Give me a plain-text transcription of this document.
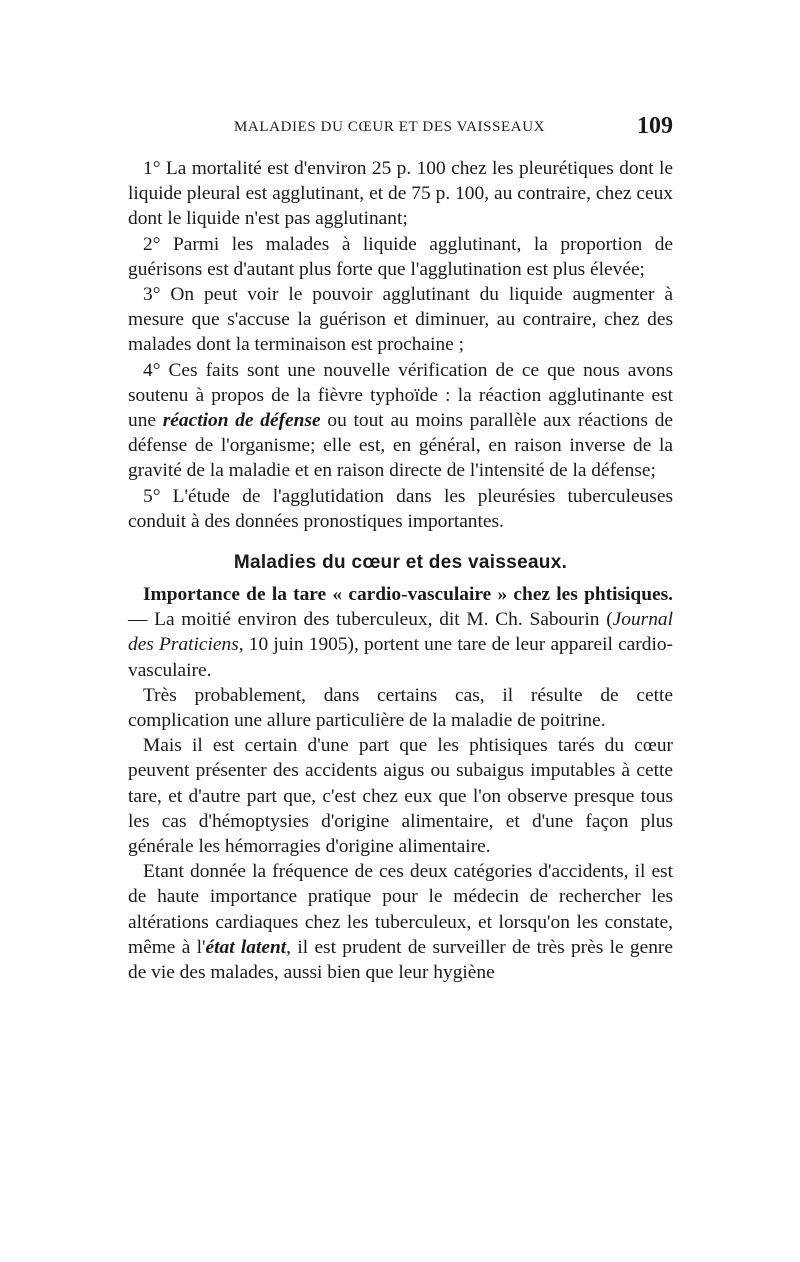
MALADIES DU CŒUR ET DES VAISSEAUX	109

1° La mortalité est d'environ 25 p. 100 chez les pleurétiques dont le liquide pleural est agglutinant, et de 75 p. 100, au contraire, chez ceux dont le liquide n'est pas agglutinant;

2° Parmi les malades à liquide agglutinant, la proportion de guérisons est d'autant plus forte que l'agglutination est plus élevée;

3° On peut voir le pouvoir agglutinant du liquide augmenter à mesure que s'accuse la guérison et diminuer, au contraire, chez des malades dont la terminaison est prochaine ;

4° Ces faits sont une nouvelle vérification de ce que nous avons soutenu à propos de la fièvre typhoïde : la réaction agglutinante est une réaction de défense ou tout au moins parallèle aux réactions de défense de l'organisme; elle est, en général, en raison inverse de la gravité de la maladie et en raison directe de l'intensité de la défense;

5° L'étude de l'agglutidation dans les pleurésies tuberculeuses conduit à des données pronostiques importantes.

Maladies du cœur et des vaisseaux.

Importance de la tare « cardio-vasculaire » chez les phtisiques. — La moitié environ des tuberculeux, dit M. Ch. Sabourin (Journal des Praticiens, 10 juin 1905), portent une tare de leur appareil cardio-vasculaire.

Très probablement, dans certains cas, il résulte de cette complication une allure particulière de la maladie de poitrine.

Mais il est certain d'une part que les phtisiques tarés du cœur peuvent présenter des accidents aigus ou subaigus imputables à cette tare, et d'autre part que, c'est chez eux que l'on observe presque tous les cas d'hémoptysies d'origine alimentaire, et d'une façon plus générale les hémorragies d'origine alimentaire.

Etant donnée la fréquence de ces deux catégories d'accidents, il est de haute importance pratique pour le médecin de rechercher les altérations cardiaques chez les tuberculeux, et lorsqu'on les constate, même à l'état latent, il est prudent de surveiller de très près le genre de vie des malades, aussi bien que leur hygiène
